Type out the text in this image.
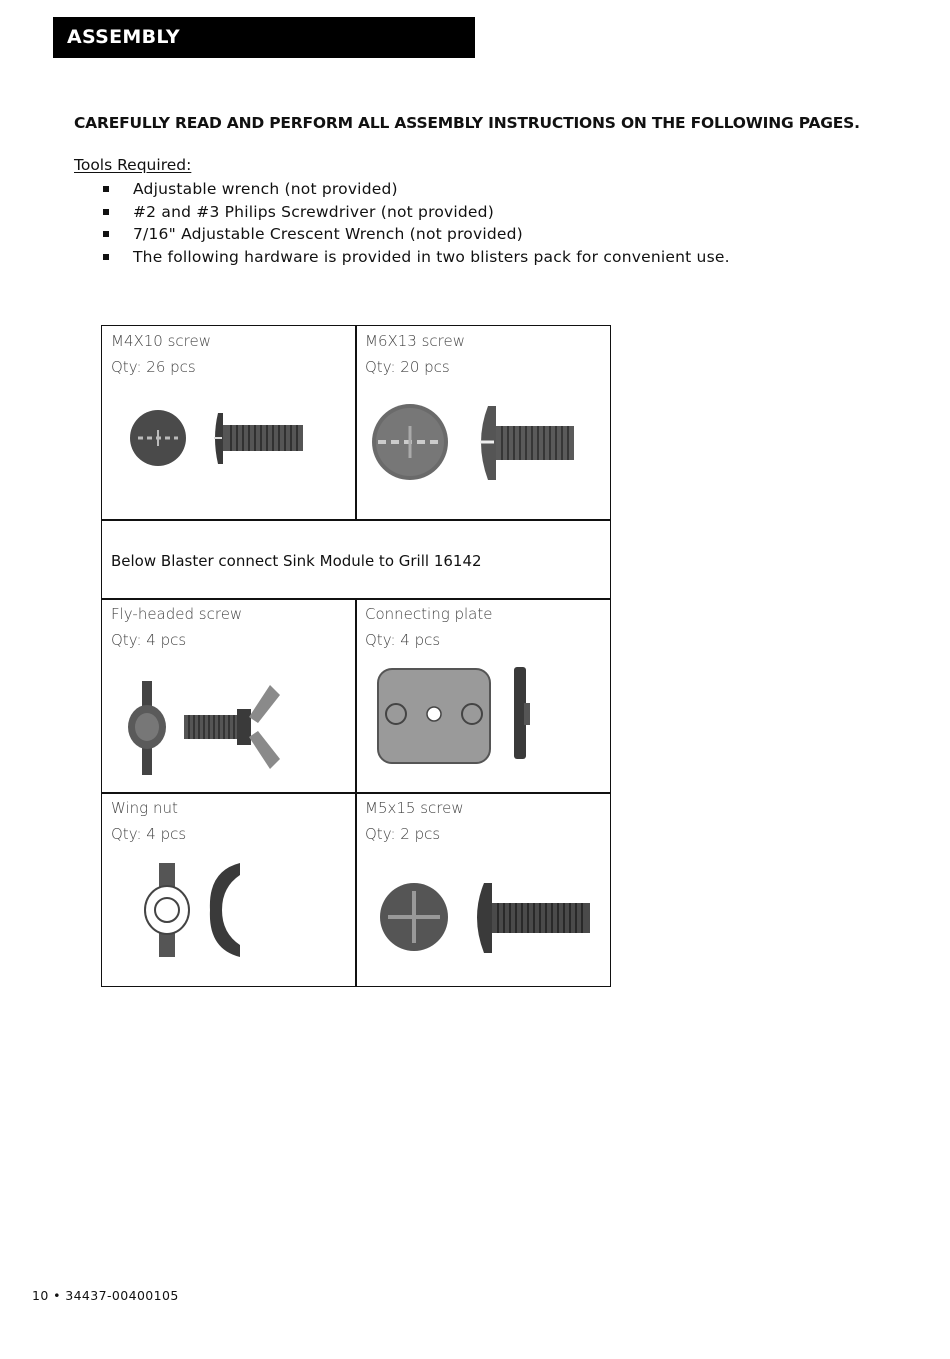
ASSEMBLY
CAREFULLY READ AND PERFORM ALL ASSEMBLY INSTRUCTIONS ON THE FOLLOWING PAGES.
Tools Required:
Adjustable wrench (not provided)
#2 and #3 Philips Screwdriver (not provided)
7/16" Adjustable Crescent Wrench (not provided)
The following hardware is provided in two blisters pack for convenient use.
M4X10 screw
Qty: 26 pcs
M6X13 screw
Qty: 20 pcs
Below Blaster connect Sink Module to Grill 16142
Fly-headed screw
Qty: 4 pcs
Connecting plate
Qty: 4 pcs
Wing nut
Qty: 4 pcs
M5x15 screw
Qty: 2 pcs
10 • 34437-00400105
